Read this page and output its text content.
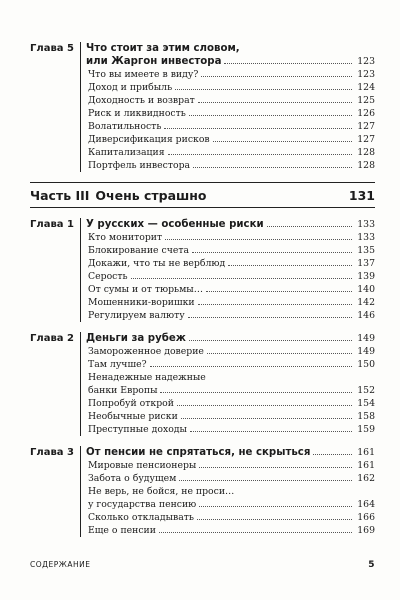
Глава 5	Что стоит за этим словом,
или Жаргон инвестора	123
Что вы имеете в виду?	123
Доход и прибыль	124
Доходность и возврат	125
Риск и ликвидность	126
Волатильность	127
Диверсификация рисков	127
Капитализация	128
Портфель инвестора	128
Часть III Очень страшно	131
Глава 1	У русских — особенные риски	133
Кто мониторит	133
Блокирование счета	135
Докажи, что ты не верблюд	137
Серость	139
От сумы и от тюрьмы…	140
Мошенники-воришки	142
Регулируем валюту	146
Глава 2	Деньги за рубеж	149
Замороженное доверие	149
Там лучше?	150
Ненадежные надежные
банки Европы	152
Попробуй открой	154
Необычные риски	158
Преступные доходы	159
Глава 3	От пенсии не спрятаться, не скрыться	161
Мировые пенсионеры	161
Забота о будущем	162
Не верь, не бойся, не проси…
у государства пенсию	164
Сколько откладывать	166
Еще о пенсии	169
СОДЕРЖАНИЕ	5
